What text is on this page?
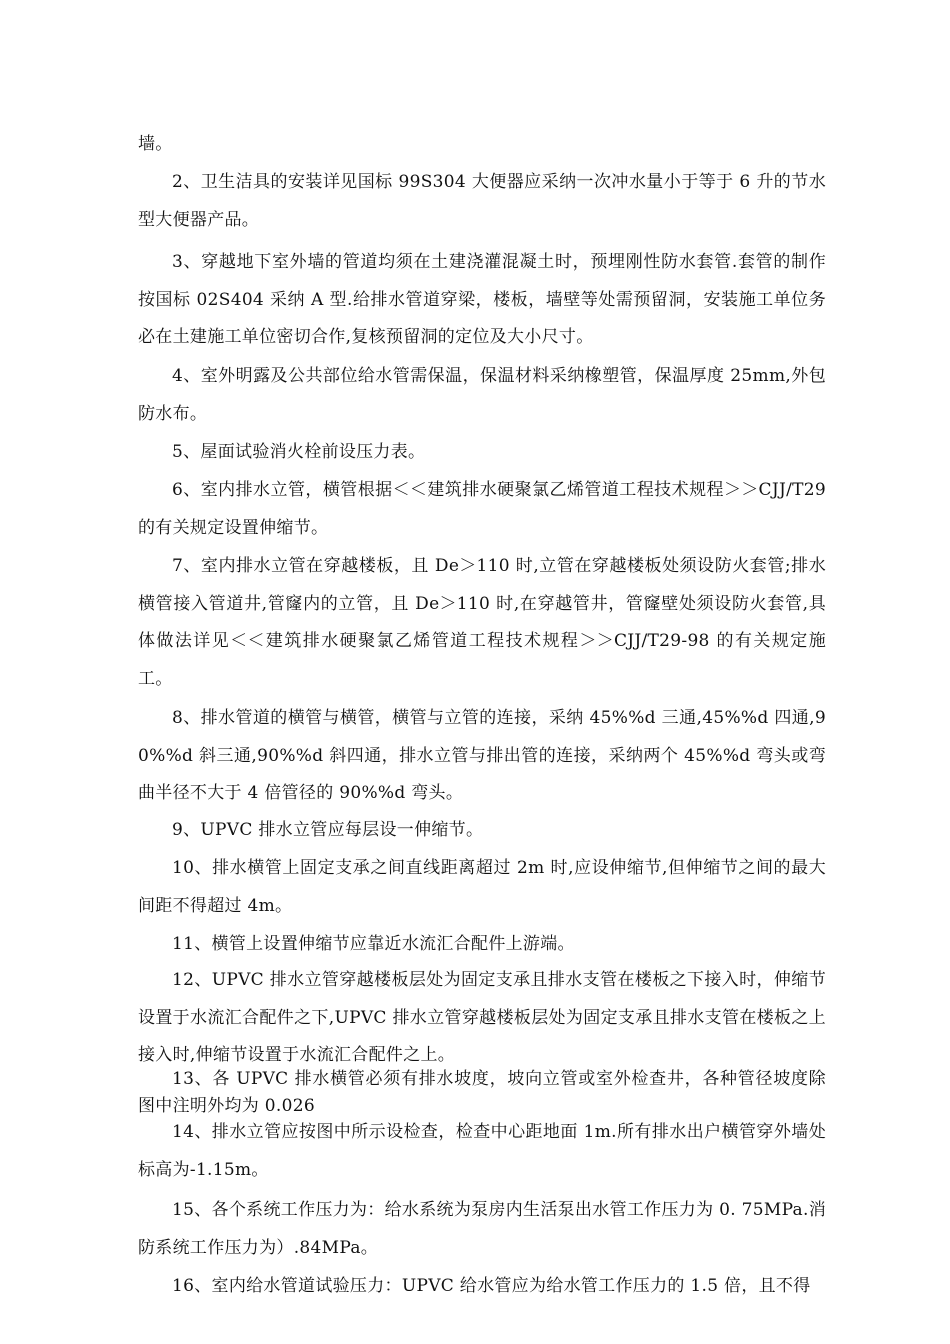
墙。

2、卫生洁具的安装详见国标 99S304 大便器应采纳一次冲水量小于等于 6 升的节水型大便器产品。

3、穿越地下室外墙的管道均须在土建浇灌混凝土时，预埋刚性防水套管.套管的制作按国标 02S404 采纳 A 型.给排水管道穿梁，楼板，墙壁等处需预留洞，安装施工单位务必在土建施工单位密切合作,复核预留洞的定位及大小尺寸。

4、室外明露及公共部位给水管需保温，保温材料采纳橡塑管，保温厚度 25mm,外包防水布。

5、屋面试验消火栓前设压力表。

6、室内排水立管，横管根据＜＜建筑排水硬聚氯乙烯管道工程技术规程＞＞CJJ/T29 的有关规定设置伸缩节。

7、室内排水立管在穿越楼板，且 De＞110 时,立管在穿越楼板处须设防火套管;排水横管接入管道井,管窿内的立管，且 De＞110 时,在穿越管井，管窿壁处须设防火套管,具体做法详见＜＜建筑排水硬聚氯乙烯管道工程技术规程＞＞CJJ/T29-98 的有关规定施工。

8、排水管道的横管与横管，横管与立管的连接，采纳 45%%d 三通,45%%d 四通,90%%d 斜三通,90%%d 斜四通，排水立管与排出管的连接，采纳两个 45%%d 弯头或弯曲半径不大于 4 倍管径的 90%%d 弯头。

9、UPVC 排水立管应每层设一伸缩节。

10、排水横管上固定支承之间直线距离超过 2m 时,应设伸缩节,但伸缩节之间的最大间距不得超过 4m。

11、横管上设置伸缩节应靠近水流汇合配件上游端。

12、UPVC 排水立管穿越楼板层处为固定支承且排水支管在楼板之下接入时，伸缩节设置于水流汇合配件之下,UPVC 排水立管穿越楼板层处为固定支承且排水支管在楼板之上接入时,伸缩节设置于水流汇合配件之上。

13、各 UPVC 排水横管必须有排水坡度，坡向立管或室外检查井，各种管径坡度除图中注明外均为 0.026

14、排水立管应按图中所示设检查，检查中心距地面 1m.所有排水出户横管穿外墙处标高为-1.15m。

15、各个系统工作压力为：给水系统为泵房内生活泵出水管工作压力为 0. 75MPa.消防系统工作压力为）.84MPa。

16、室内给水管道试验压力：UPVC 给水管应为给水管工作压力的 1.5 倍，且不得
